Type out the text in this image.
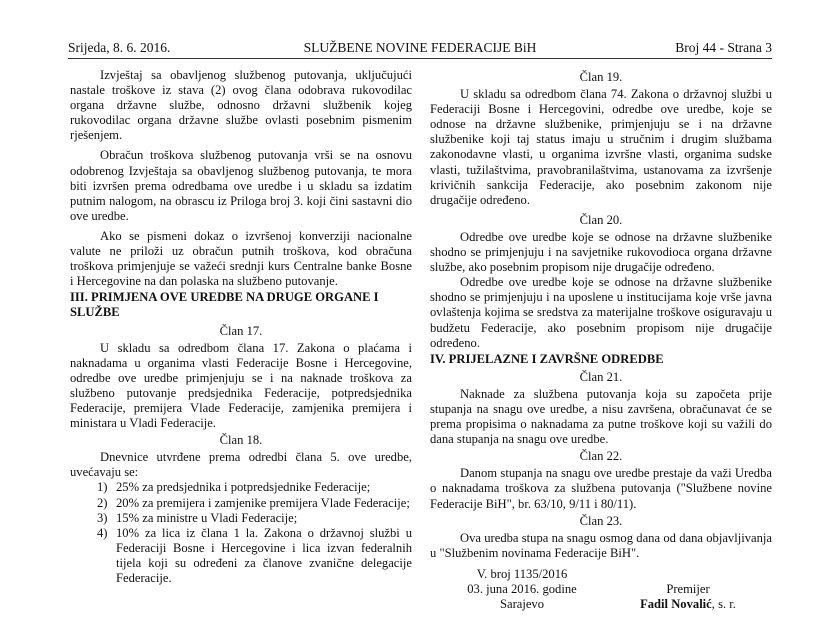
Srijeda, 8. 6. 2016.	SLUŽBENE NOVINE FEDERACIJE BiH	Broj 44 - Strana 3

Izvještaj sa obavljenog službenog putovanja, uključujući nastale troškove iz stava (2) ovog člana odobrava rukovodilac organa državne službe, odnosno državni službenik kojeg rukovodilac organa državne službe ovlasti posebnim pismenim rješenjem.

Obračun troškova službenog putovanja vrši se na osnovu odobrenog Izvještaja sa obavljenog službenog putovanja, te mora biti izvršen prema odredbama ove uredbe i u skladu sa izdatim putnim nalogom, na obrascu iz Priloga broj 3. koji čini sastavni dio ove uredbe.

Ako se pismeni dokaz o izvršenoj konverziji nacionalne valute ne priloži uz obračun putnih troškova, kod obračuna troškova primjenjuje se važeći srednji kurs Centralne banke Bosne i Hercegovine na dan polaska na službeno putovanje.

III. PRIMJENA OVE UREDBE NA DRUGE ORGANE I SLUŽBE

Član 17.

U skladu sa odredbom člana 17. Zakona o plaćama i naknadama u organima vlasti Federacije Bosne i Hercegovine, odredbe ove uredbe primjenjuju se i na naknade troškova za službeno putovanje predsjednika Federacije, potpredsjednika Federacije, premijera Vlade Federacije, zamjenika premijera i ministara u Vladi Federacije.

Član 18.

Dnevnice utvrđene prema odredbi člana 5. ove uredbe, uvećavaju se:

1) 25% za predsjednika i potpredsjednike Federacije;
2) 20% za premijera i zamjenike premijera Vlade Federacije;
3) 15% za ministre u Vladi Federacije;
4) 10% za lica iz člana 1 la. Zakona o državnoj službi u Federaciji Bosne i Hercegovine i lica izvan federalnih tijela koji su određeni za članove zvanične delegacije Federacije.
Član 19.

U skladu sa odredbom člana 74. Zakona o državnoj službi u Federaciji Bosne i Hercegovini, odredbe ove uredbe, koje se odnose na državne službenike, primjenjuju se i na državne službenike koji taj status imaju u stručnim i drugim službama zakonodavne vlasti, u organima izvršne vlasti, organima sudske vlasti, tužilaštvima, pravobranilaštvima, ustanovama za izvršenje krivičnih sankcija Federacije, ako posebnim zakonom nije drugačije određeno.

Član 20.

Odredbe ove uredbe koje se odnose na državne službenike shodno se primjenjuju i na savjetnike rukovodioca organa državne službe, ako posebnim propisom nije drugačije određeno.

Odredbe ove uredbe koje se odnose na državne službenike shodno se primjenjuju i na uposlene u institucijama koje vrše javna ovlaštenja kojima se sredstva za materijalne troškove osiguravaju u budžetu Federacije, ako posebnim propisom nije drugačije određeno.

IV. PRIJELAZNE I ZAVRŠNE ODREDBE

Član 21.

Naknade za službena putovanja koja su započeta prije stupanja na snagu ove uredbe, a nisu završena, obračunavat će se prema propisima o naknadama za putne troškove koji su važili do dana stupanja na snagu ove uredbe.

Član 22.

Danom stupanja na snagu ove uredbe prestaje da važi Uredba o naknadama troškova za službena putovanja ("Službene novine Federacije BiH", br. 63/10, 9/11 i 80/11).

Član 23.

Ova uredba stupa na snagu osmog dana od dana objavljivanja u "Službenim novinama Federacije BiH".

V. broj 1135/2016
03. juna 2016. godine
Sarajevo
Premijer
Fadil Novalić, s. r.
